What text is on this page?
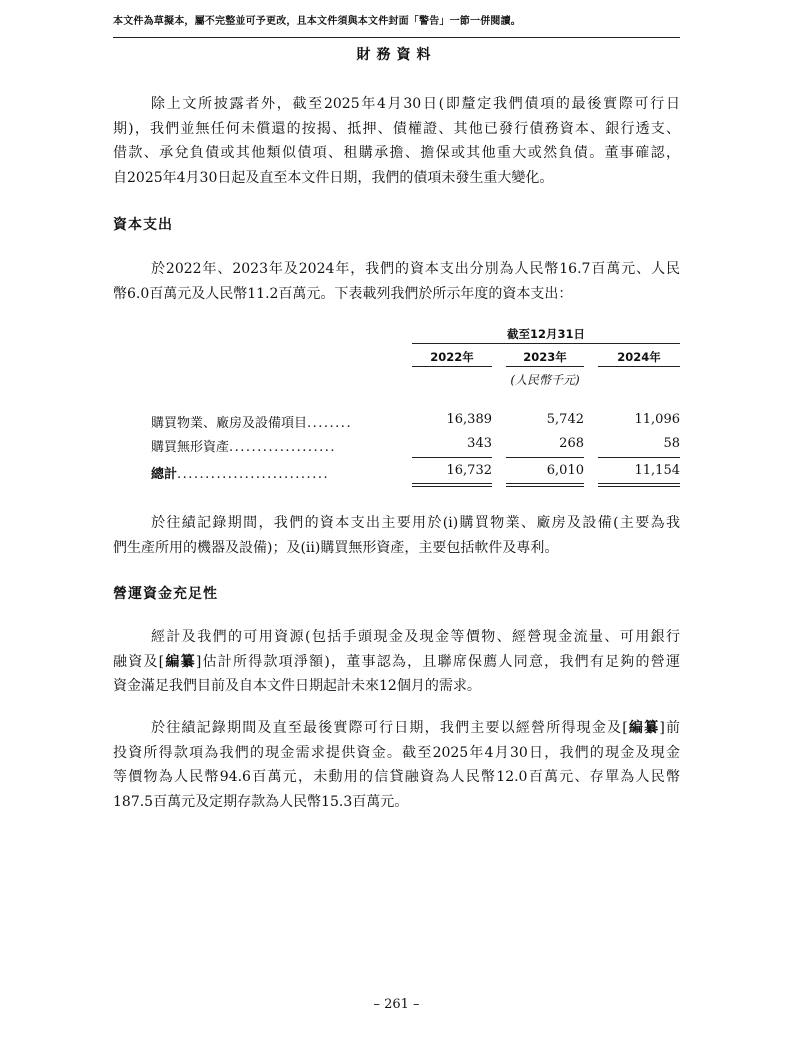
本文件為草擬本，屬不完整並可予更改，且本文件須與本文件封面「警告」一節一併閱讀。
財務資料
除上文所披露者外，截至2025年4月30日(即釐定我們債項的最後實際可行日
期)，我們並無任何未償還的按揭、抵押、債權證、其他已發行債務資本、銀行透支、
借款、承兌負債或其他類似債項、租購承擔、擔保或其他重大或然負債。董事確認，
自2025年4月30日起及直至本文件日期，我們的債項未發生重大變化。
資本支出
於2022年、2023年及2024年，我們的資本支出分別為人民幣16.7百萬元、人民
幣6.0百萬元及人民幣11.2百萬元。下表載列我們於所示年度的資本支出：
截至12月31日
2022年	2023年	2024年
(人民幣千元)
購買物業、廠房及設備項目........	16,389	5,742	11,096
購買無形資產...................	343	268	58
總計...........................	16,732	6,010	11,154
於往績記錄期間，我們的資本支出主要用於(i)購買物業、廠房及設備(主要為我
們生產所用的機器及設備)；及(ii)購買無形資產，主要包括軟件及專利。
營運資金充足性
經計及我們的可用資源(包括手頭現金及現金等價物、經營現金流量、可用銀行
融資及[編纂]估計所得款項淨額)，董事認為，且聯席保薦人同意，我們有足夠的營運
資金滿足我們目前及自本文件日期起計未來12個月的需求。
於往績記錄期間及直至最後實際可行日期，我們主要以經營所得現金及[編纂]前
投資所得款項為我們的現金需求提供資金。截至2025年4月30日，我們的現金及現金
等價物為人民幣94.6百萬元，未動用的信貸融資為人民幣12.0百萬元、存單為人民幣
187.5百萬元及定期存款為人民幣15.3百萬元。
– 261 –
